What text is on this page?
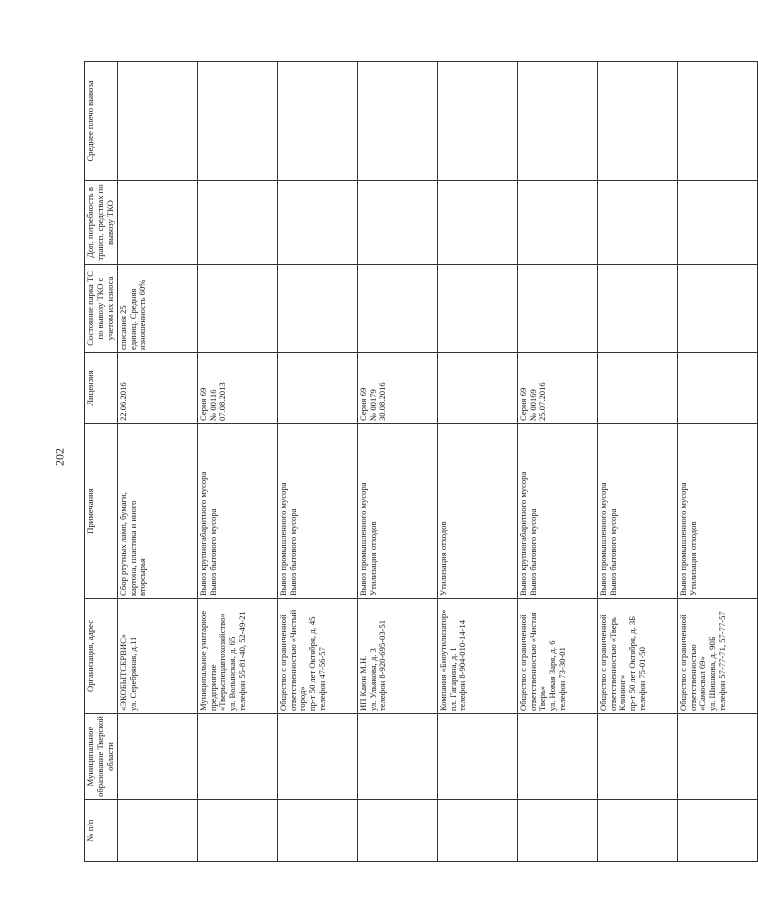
202
№ п/п	Муниципальное образование Тверской области	Организация, адрес	Примечания	Лицензия	Состояние парка ТС по вывозу ТКО с учетом их износа	Доп. потребность в трансп. средствах по вывозу ТКО	Среднее плечо вывоза

		«ЭКОБЫТСЕРВИС» ул. Серебряная, д.11	Сбор ртутных ламп, бумаги, картона, пластика и иного вторсырья	22.06.2016	списания 25 единиц. Средняя изношенность 60%		

		Муниципальное унитарное предприятие «Тверьспецавтохозяйство» ул. Волынская, д. 65 телефон 55-81-40, 52-49-21	Вывоз крупногабаритного мусора Вывоз бытового мусора	Серия 69 № 00116 07.08.2013			

		Общество с ограниченной ответственностью «Чистый город» пр-т 50 лет Октября, д. 45 телефон 47-56-57	Вывоз промышленного мусора Вывоз бытового мусора				

		ИП Каюн М.Н. ул. Ульякова, д. 3 телефон 8-920-695-03-51	Вывоз промышленного мусора Утилизация отходов	Серия 69 № 00179 30.08.2016			

		Компания «Биоутилизатор» пл. Гагарина, д. 1 телефон 8-904-010-14-14	Утилизация отходов				

		Общество с ограниченной ответственностью «Чистая Тверь» ул. Новая Заря, д. 6 телефон 73-30-01	Вывоз крупногабаритного мусора Вывоз бытового мусора	Серия 69 № 00169 25.07.2016			

		Общество с ограниченной ответственностью «Тверь Клининг» пр-т 50 лет Октября, д. 3Б телефон 75-01-50	Вывоз промышленного мусора Вывоз бытового мусора				

		Общество с ограниченной ответственностью «Самосвал 69» ул. Шишкова, д. 90Б телефон 57-77-71, 57-77-57	Вывоз промышленного мусора Утилизация отходов				
